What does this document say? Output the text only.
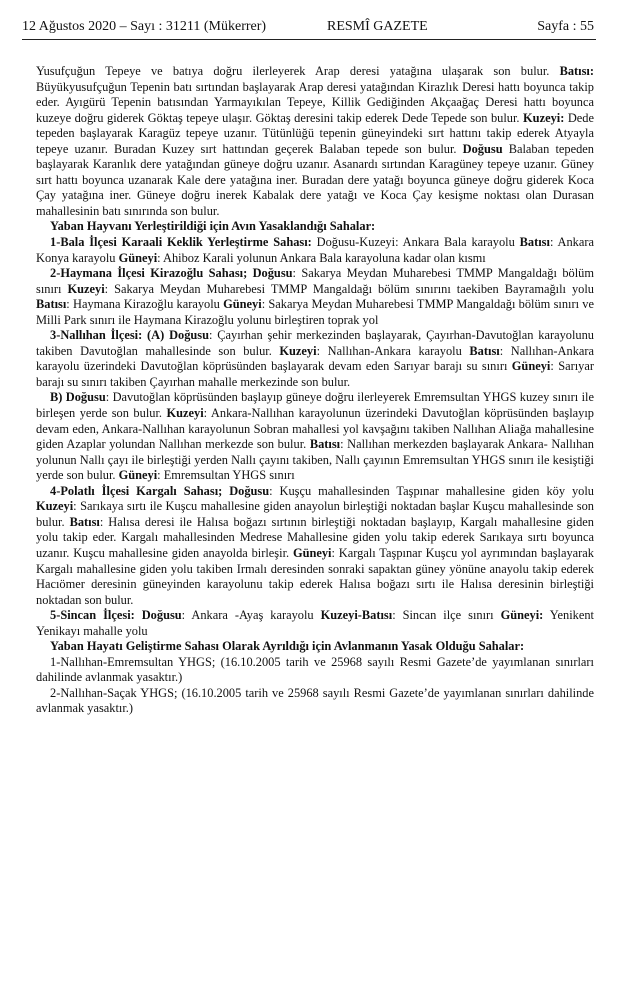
12 Ağustos 2020 – Sayı : 31211 (Mükerrer)	RESMÎ GAZETE	Sayfa : 55

Yusufçuğun Tepeye ve batıya doğru ilerleyerek Arap deresi yatağına ulaşarak son bulur. Batısı: Büyükyusufçuğun Tepenin batı sırtından başlayarak Arap deresi yatağından Kirazlık Deresi hattı boyunca takip eder. Ayıgürü Tepenin batısından Yarmayıkılan Tepeye, Killik Gediğinden Akçaağaç Deresi hattı boyunca kuzeye doğru giderek Göktaş tepeye ulaşır. Göktaş deresini takip ederek Dede Tepede son bulur. Kuzeyi: Dede tepeden başlayarak Karagüz tepeye uzanır. Tütünlüğü tepenin güneyindeki sırt hattını takip ederek Atyayla tepeye uzanır. Buradan Kuzey sırt hattından geçerek Balaban tepede son bulur. Doğusu Balaban tepeden başlayarak Karanlık dere yatağından güneye doğru uzanır. Asanardı sırtından Karagüney tepeye uzanır. Güney sırt hattı boyunca uzanarak Kale dere yatağına iner. Buradan dere yatağı boyunca güneye doğru giderek Koca Çay yatağına iner. Güneye doğru inerek Kabalak dere yatağı ve Koca Çay kesişme noktası olan Durasan mahallesinin batı sınırında son bulur.

Yaban Hayvanı Yerleştirildiği için Avın Yasaklandığı Sahalar:

1-Bala İlçesi Karaali Keklik Yerleştirme Sahası: Doğusu-Kuzeyi: Ankara Bala karayolu Batısı: Ankara Konya karayolu Güneyi: Ahiboz Karali yolunun Ankara Bala karayoluna kadar olan kısmı

2-Haymana İlçesi Kirazoğlu Sahası; Doğusu: Sakarya Meydan Muharebesi TMMP Mangaldağı bölüm sınırı Kuzeyi: Sakarya Meydan Muharebesi TMMP Mangaldağı bölüm sınırını taekiben Bayramağılı yolu Batısı: Haymana Kirazoğlu karayolu Güneyi: Sakarya Meydan Muharebesi TMMP Mangaldağı bölüm sınırı ve Milli Park sınırı ile Haymana Kirazoğlu yolunu birleştiren toprak yol

3-Nallıhan İlçesi: (A) Doğusu: Çayırhan şehir merkezinden başlayarak, Çayırhan-Davutoğlan karayolunu takiben Davutoğlan mahallesinde son bulur. Kuzeyi: Nallıhan-Ankara karayolu Batısı: Nallıhan-Ankara karayolu üzerindeki Davutoğlan köprüsünden başlayarak devam eden Sarıyar barajı su sınırı Güneyi: Sarıyar barajı su sınırı takiben Çayırhan mahalle merkezinde son bulur.

B) Doğusu: Davutoğlan köprüsünden başlayıp güneye doğru ilerleyerek Emremsultan YHGS kuzey sınırı ile birleşen yerde son bulur. Kuzeyi: Ankara-Nallıhan karayolunun üzerindeki Davutoğlan köprüsünden başlayıp devam eden, Ankara-Nallıhan karayolunun Sobran mahallesi yol kavşağını takiben Nallıhan Aliağa mahallesine giden Azaplar yolundan Nallıhan merkezde son bulur. Batısı: Nallıhan merkezden başlayarak Ankara- Nallıhan yolunun Nallı çayı ile birleştiği yerden Nallı çayını takiben, Nallı çayının Emremsultan YHGS sınırı ile kesiştiği yerde son bulur. Güneyi: Emremsultan YHGS sınırı

4-Polatlı İlçesi Kargalı Sahası; Doğusu: Kuşçu mahallesinden Taşpınar mahallesine giden köy yolu Kuzeyi: Sarıkaya sırtı ile Kuşcu mahallesine giden anayolun birleştiği noktadan başlar Kuşcu mahallesinde son bulur. Batısı: Halısa deresi ile Halısa boğazı sırtının birleştiği noktadan başlayıp, Kargalı mahallesine giden yolu takip eder. Kargalı mahallesinden Medrese Mahallesine giden yolu takip ederek Sarıkaya sırtı boyunca uzanır. Kuşcu mahallesine giden anayolda birleşir. Güneyi: Kargalı Taşpınar Kuşcu yol ayrımından başlayarak Kargalı mahallesine giden yolu takiben Irmalı deresinden sonraki sapaktan güney yönüne anayolu takip ederek Hacıömer deresinin güneyinden karayolunu takip ederek Halısa boğazı sırtı ile Halısa deresinin birleştiği noktadan son bulur.

5-Sincan İlçesi: Doğusu: Ankara -Ayaş karayolu Kuzeyi-Batısı: Sincan ilçe sınırı Güneyi: Yenikent Yenikayı mahalle yolu

Yaban Hayatı Geliştirme Sahası Olarak Ayrıldığı için Avlanmanın Yasak Olduğu Sahalar:

1-Nallıhan-Emremsultan YHGS; (16.10.2005 tarih ve 25968 sayılı Resmi Gazete’de yayımlanan sınırları dahilinde avlanmak yasaktır.)

2-Nallıhan-Saçak YHGS; (16.10.2005 tarih ve 25968 sayılı Resmi Gazete’de yayımlanan sınırları dahilinde avlanmak yasaktır.)
